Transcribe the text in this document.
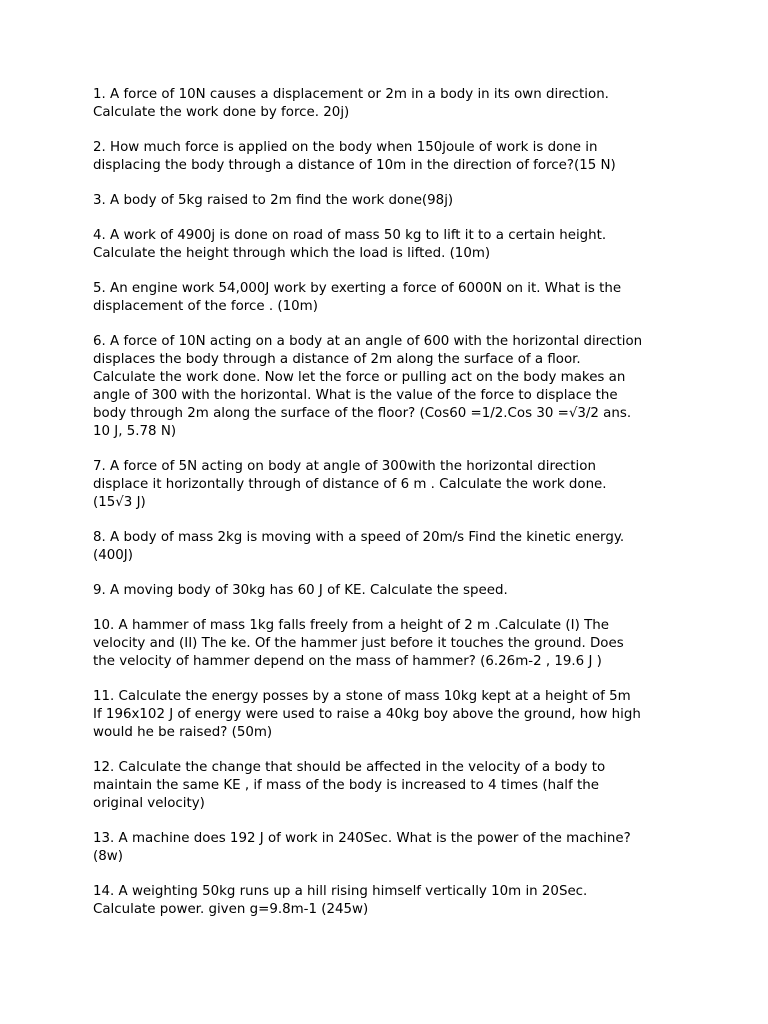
1. A force of 10N causes a displacement or 2m in a body in its own direction.

Calculate the work done by force. 20j)

2. How much force is applied on the body when 150joule of work is done in

displacing the body through a distance of 10m in the direction of force?(15 N)

3. A body of 5kg raised to 2m find the work done(98j)

4. A work of 4900j is done on road of mass 50 kg to lift it to a certain height.

Calculate the height through which the load is lifted. (10m)

5. An engine work 54,000J work by exerting a force of 6000N on it. What is the

displacement of the force . (10m)

6. A force of 10N acting on a body at an angle of 600 with the horizontal direction

displaces the body through a distance of 2m along the surface of a floor.

Calculate the work done. Now let the force or pulling act on the body makes an

angle of 300 with the horizontal. What is the value of the force to displace the

body through 2m along the surface of the floor? (Cos60 =1/2.Cos 30 =√3/2 ans.

10 J, 5.78 N)

7. A force of 5N acting on body at angle of 300with the horizontal direction

displace it horizontally through of distance of 6 m . Calculate the work done.

(15√3 J)

8. A body of mass 2kg is moving with a speed of 20m/s Find the kinetic energy.

(400J)

9. A moving body of 30kg has 60 J of KE. Calculate the speed.

10. A hammer of mass 1kg falls freely from a height of 2 m .Calculate (I) The

velocity and (II) The ke. Of the hammer just before it touches the ground. Does

the velocity of hammer depend on the mass of hammer? (6.26m-2 , 19.6 J )

11. Calculate the energy posses by a stone of mass 10kg kept at a height of 5m

If 196x102 J of energy were used to raise a 40kg boy above the ground, how high

would he be raised? (50m)

12. Calculate the change that should be affected in the velocity of a body to

maintain the same KE , if mass of the body is increased to 4 times (half the

original velocity)

13. A machine does 192 J of work in 240Sec. What is the power of the machine?

(8w)

14. A weighting 50kg runs up a hill rising himself vertically 10m in 20Sec.

Calculate power. given g=9.8m-1 (245w)
